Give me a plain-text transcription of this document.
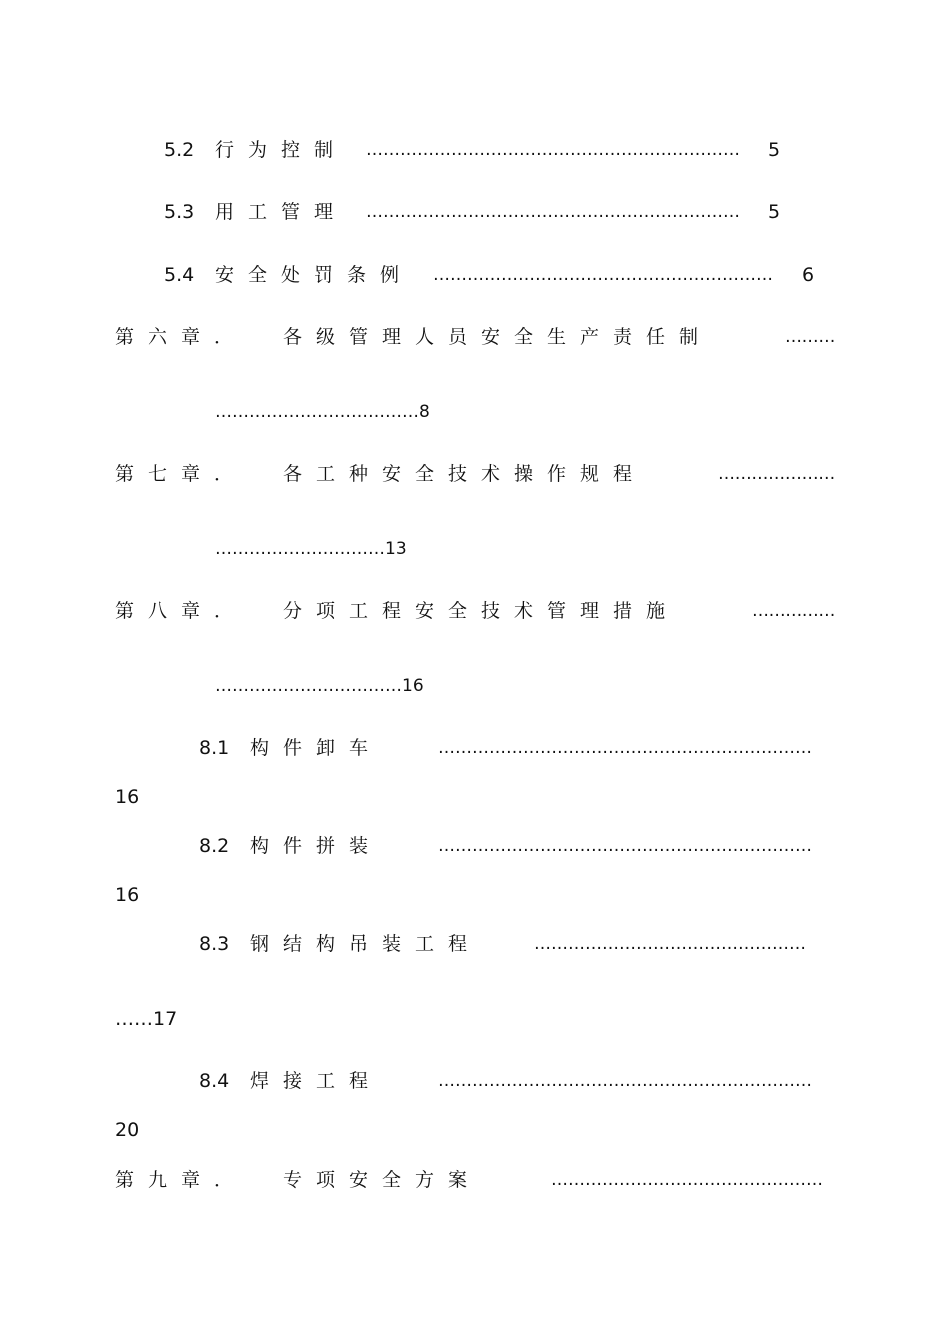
5.2 行为控制 ………………………………………………………… 5
5.3 用工管理 ………………………………………………………… 5
5.4 安全处罚条例 …………………………………………………… 6
第六章． 各级管理人员安全生产责任制	………
………………………………8
第七章． 各工种安全技术操作规程	…………………
…………………………13
第八章． 分项工程安全技术管理措施	……………
……………………………16
8.1 构件卸车	…………………………………………………………
16
8.2 构件拼装	…………………………………………………………
16
8.3 钢结构吊装工程	…………………………………………
……17
8.4 焊接工程	…………………………………………………………
20
第九章． 专项安全方案	…………………………………………
